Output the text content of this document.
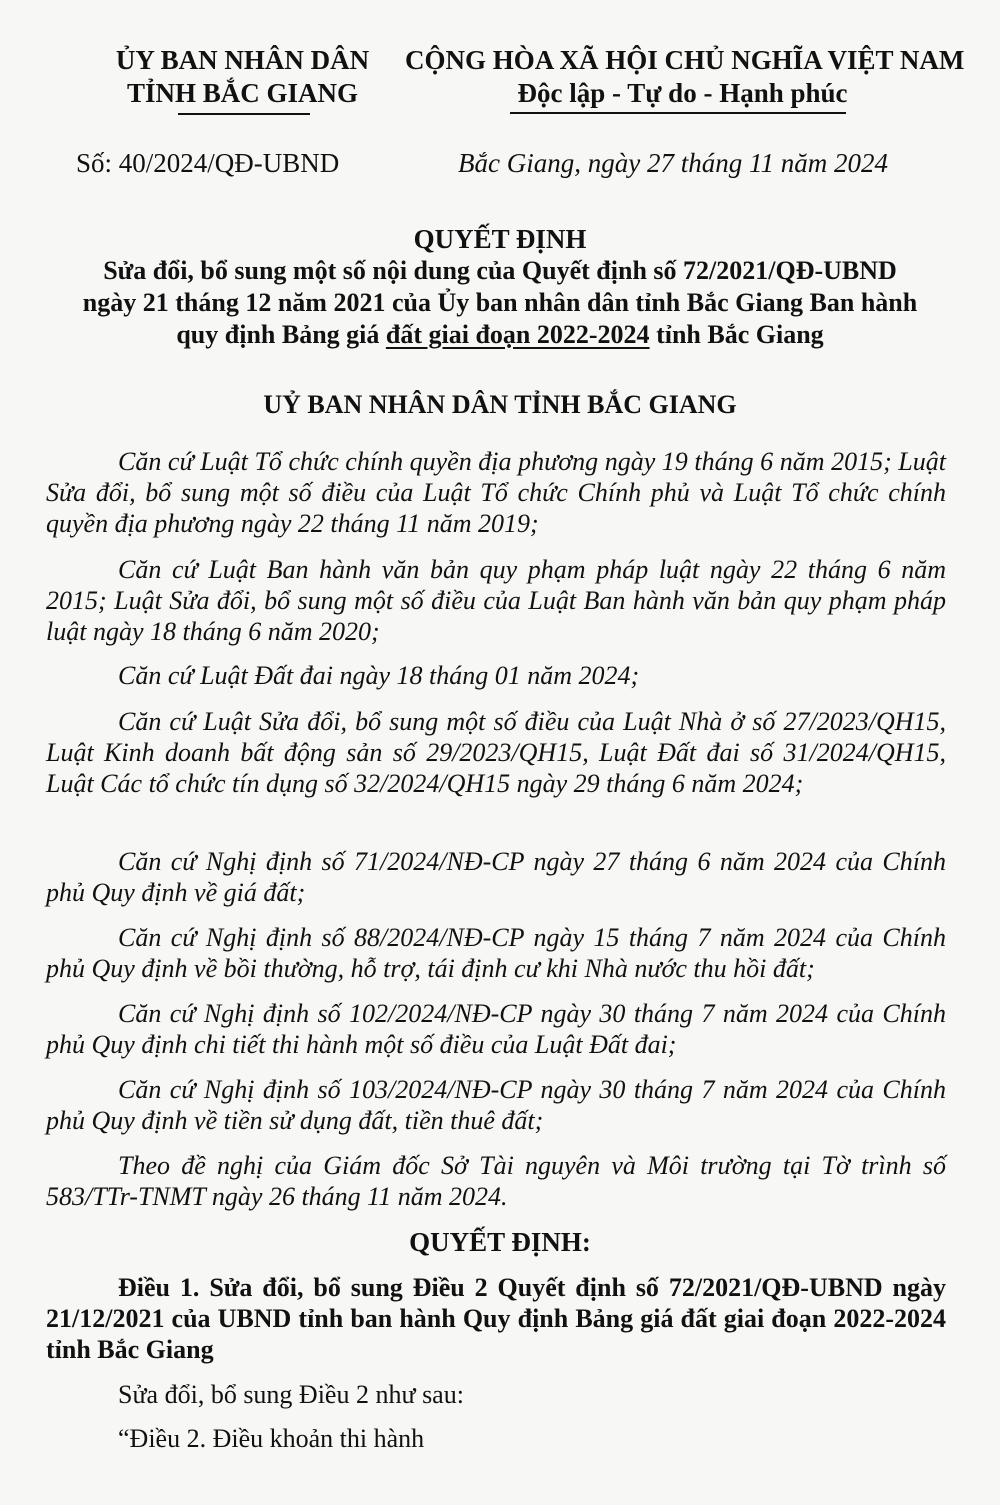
ỦY BAN NHÂN DÂN
TỈNH BẮC GIANG
CỘNG HÒA XÃ HỘI CHỦ NGHĨA VIỆT NAM
Độc lập - Tự do - Hạnh phúc
Số: 40/2024/QĐ-UBND	Bắc Giang, ngày 27 tháng 11 năm 2024
QUYẾT ĐỊNH
Sửa đổi, bổ sung một số nội dung của Quyết định số 72/2021/QĐ-UBND
ngày 21 tháng 12 năm 2021 của Ủy ban nhân dân tỉnh Bắc Giang Ban hành
quy định Bảng giá đất giai đoạn 2022-2024 tỉnh Bắc Giang
UỶ BAN NHÂN DÂN TỈNH BẮC GIANG
Căn cứ Luật Tổ chức chính quyền địa phương ngày 19 tháng 6 năm 2015; Luật Sửa đổi, bổ sung một số điều của Luật Tổ chức Chính phủ và Luật Tổ chức chính quyền địa phương ngày 22 tháng 11 năm 2019;
Căn cứ Luật Ban hành văn bản quy phạm pháp luật ngày 22 tháng 6 năm 2015; Luật Sửa đổi, bổ sung một số điều của Luật Ban hành văn bản quy phạm pháp luật ngày 18 tháng 6 năm 2020;
Căn cứ Luật Đất đai ngày 18 tháng 01 năm 2024;
Căn cứ Luật Sửa đổi, bổ sung một số điều của Luật Nhà ở số 27/2023/QH15, Luật Kinh doanh bất động sản số 29/2023/QH15, Luật Đất đai số 31/2024/QH15, Luật Các tổ chức tín dụng số 32/2024/QH15 ngày 29 tháng 6 năm 2024;
Căn cứ Nghị định số 71/2024/NĐ-CP ngày 27 tháng 6 năm 2024 của Chính phủ Quy định về giá đất;
Căn cứ Nghị định số 88/2024/NĐ-CP ngày 15 tháng 7 năm 2024 của Chính phủ Quy định về bồi thường, hỗ trợ, tái định cư khi Nhà nước thu hồi đất;
Căn cứ Nghị định số 102/2024/NĐ-CP ngày 30 tháng 7 năm 2024 của Chính phủ Quy định chi tiết thi hành một số điều của Luật Đất đai;
Căn cứ Nghị định số 103/2024/NĐ-CP ngày 30 tháng 7 năm 2024 của Chính phủ Quy định về tiền sử dụng đất, tiền thuê đất;
Theo đề nghị của Giám đốc Sở Tài nguyên và Môi trường tại Tờ trình số 583/TTr-TNMT ngày 26 tháng 11 năm 2024.
QUYẾT ĐỊNH:
Điều 1. Sửa đổi, bổ sung Điều 2 Quyết định số 72/2021/QĐ-UBND ngày 21/12/2021 của UBND tỉnh ban hành Quy định Bảng giá đất giai đoạn 2022-2024 tỉnh Bắc Giang
Sửa đổi, bổ sung Điều 2 như sau:
“Điều 2. Điều khoản thi hành
